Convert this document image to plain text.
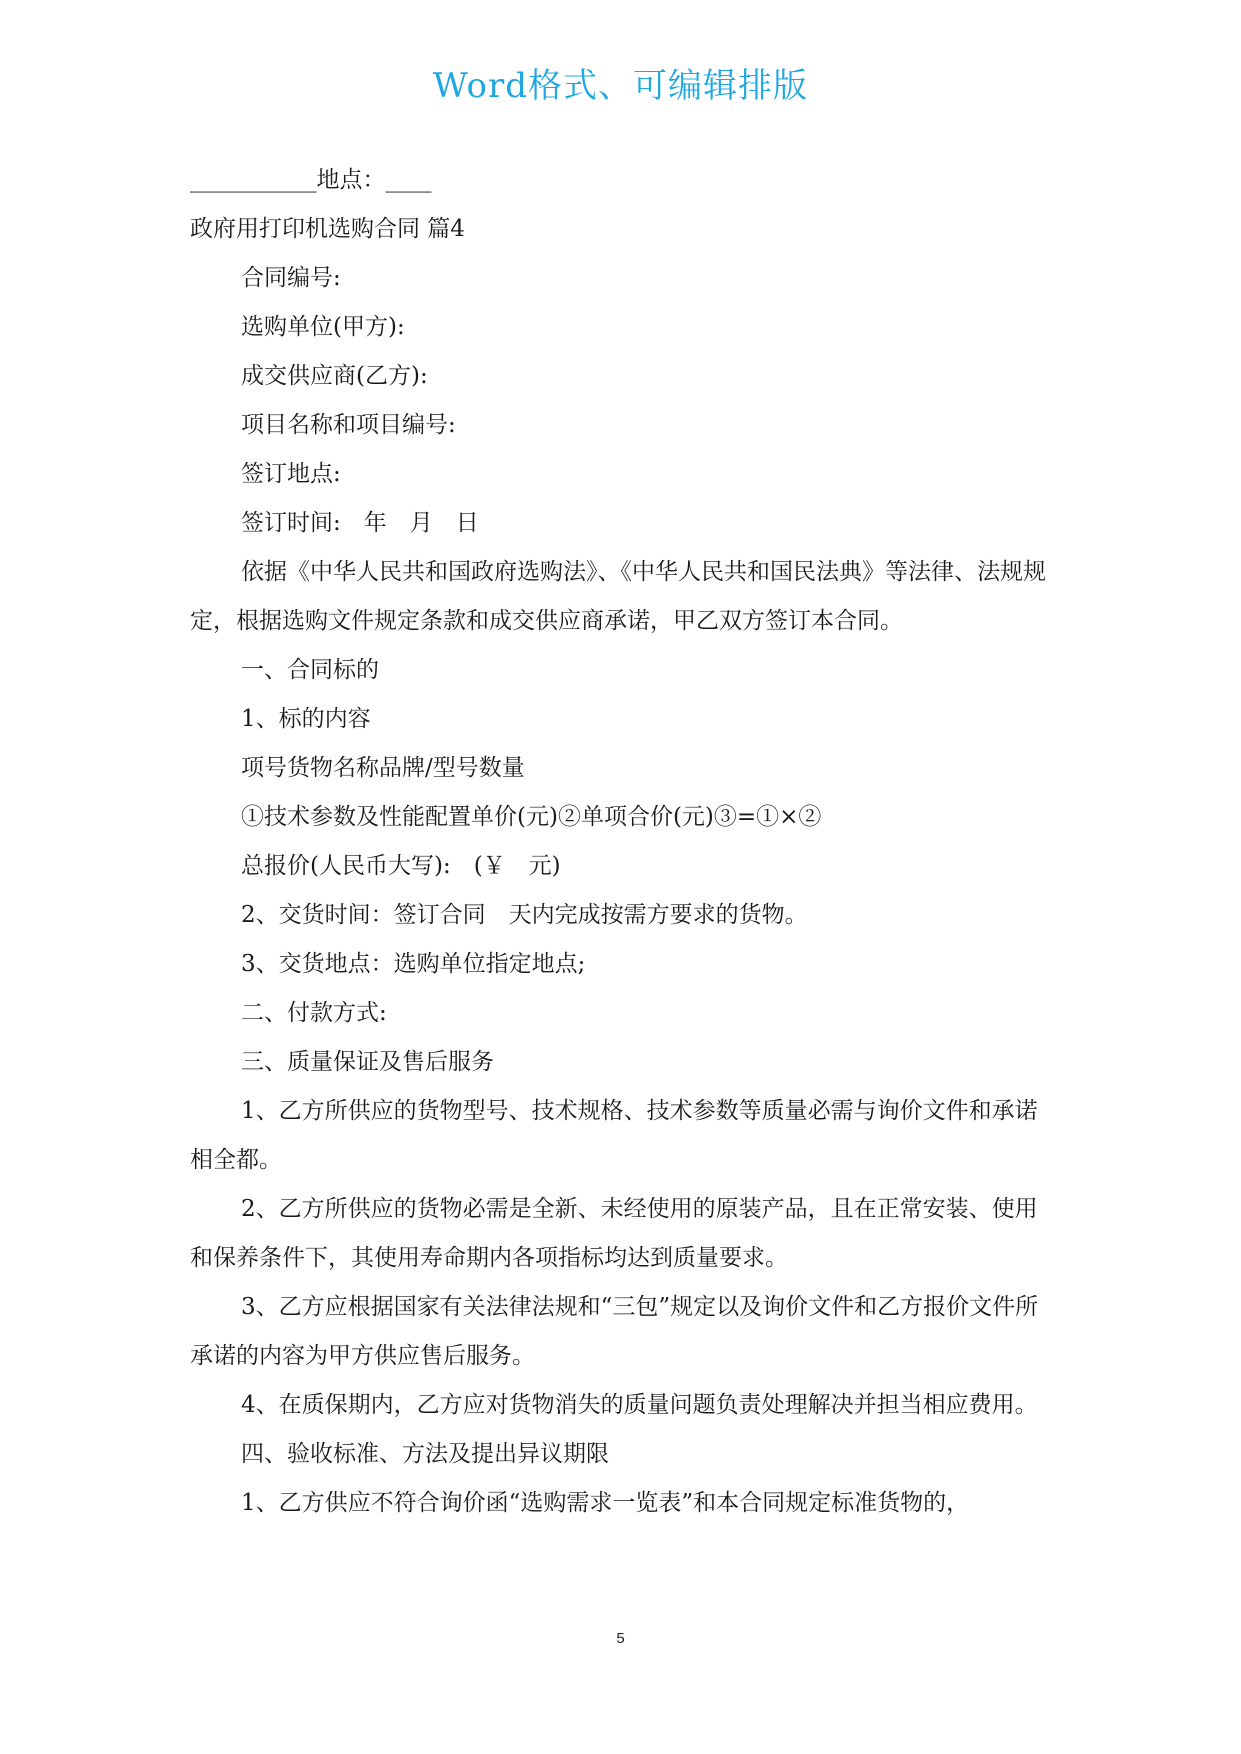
Word格式、可编辑排版

___________地点：____

政府用打印机选购合同 篇4

合同编号:

选购单位(甲方):

成交供应商(乙方):

项目名称和项目编号:

签订地点:

签订时间:　年　月　日

依据《中华人民共和国政府选购法》、《中华人民共和国民法典》等法律、法规规定，根据选购文件规定条款和成交供应商承诺，甲乙双方签订本合同。

一、合同标的

1、标的内容

项号货物名称品牌/型号数量

①技术参数及性能配置单价(元)②单项合价(元)③=①×②

总报价(人民币大写):　(￥　元)

2、交货时间：签订合同　天内完成按需方要求的货物。

3、交货地点：选购单位指定地点;

二、付款方式:

三、质量保证及售后服务

1、乙方所供应的货物型号、技术规格、技术参数等质量必需与询价文件和承诺相全都。

2、乙方所供应的货物必需是全新、未经使用的原装产品，且在正常安装、使用和保养条件下，其使用寿命期内各项指标均达到质量要求。

3、乙方应根据国家有关法律法规和“三包”规定以及询价文件和乙方报价文件所承诺的内容为甲方供应售后服务。

4、在质保期内，乙方应对货物消失的质量问题负责处理解决并担当相应费用。

四、验收标准、方法及提出异议期限

1、乙方供应不符合询价函“选购需求一览表”和本合同规定标准货物的，

5
